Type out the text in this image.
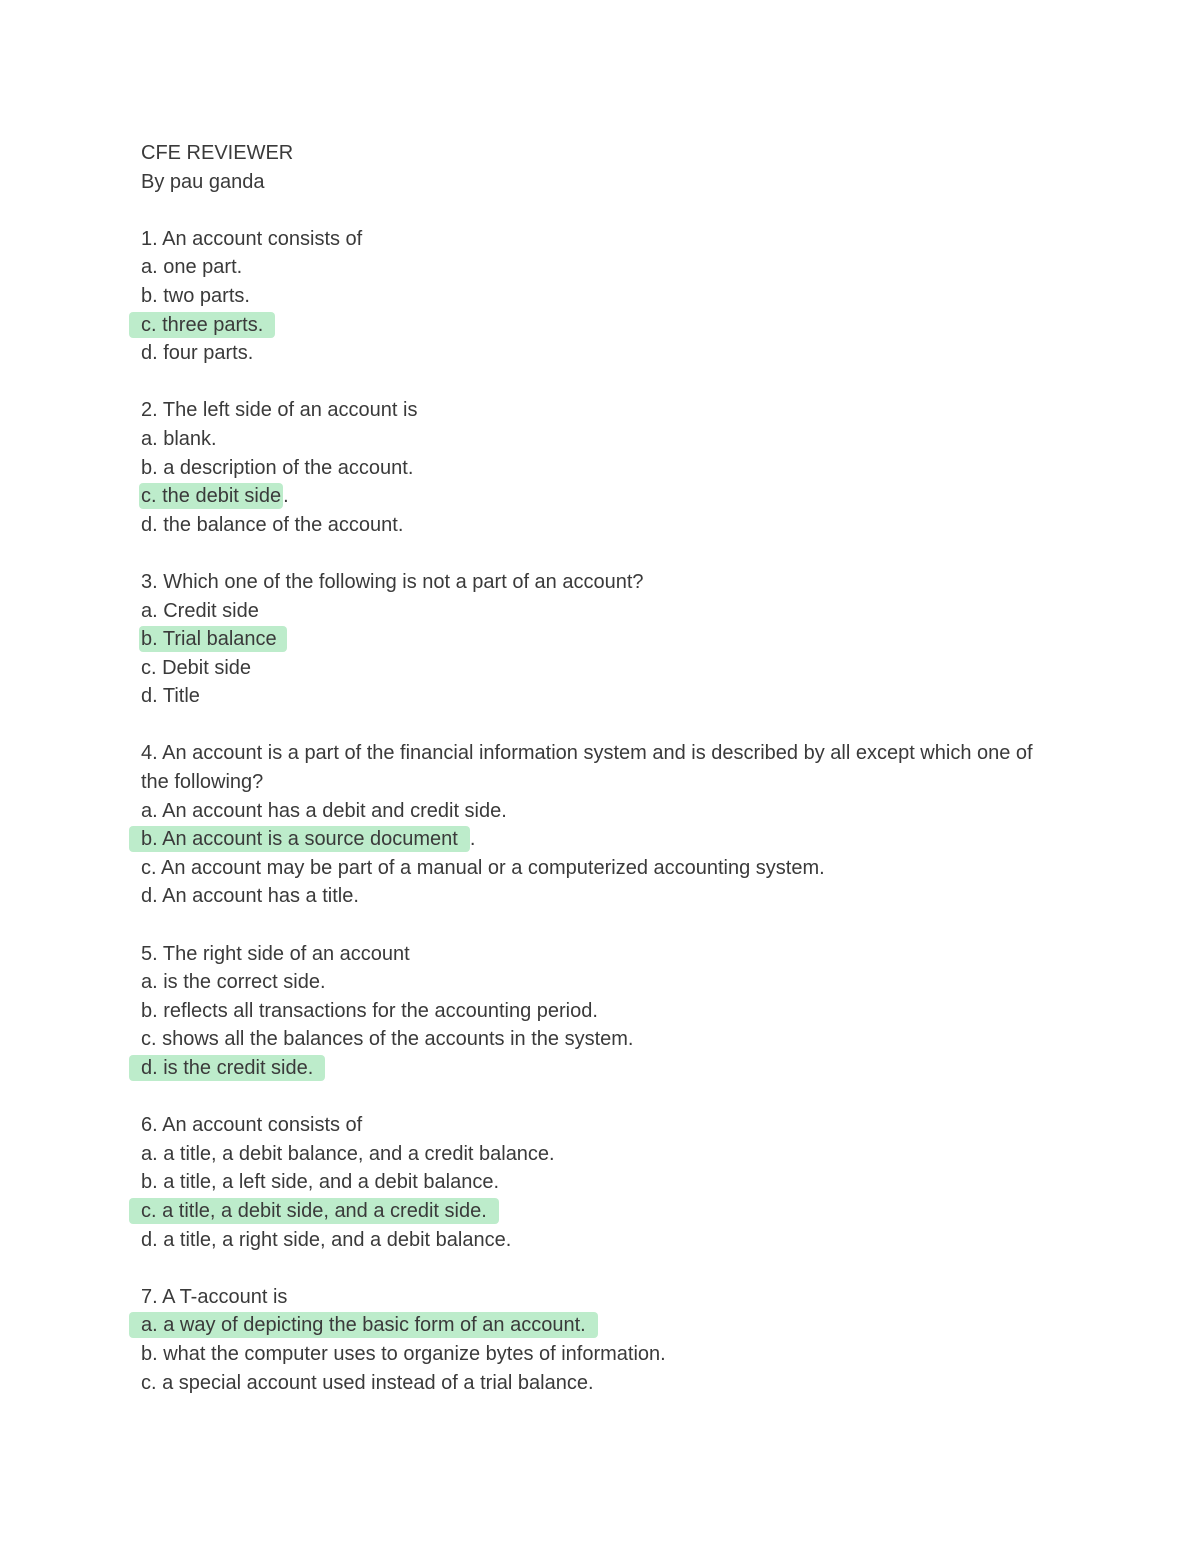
CFE REVIEWER
By pau ganda
1. An account consists of
a. one part.
b. two parts.
c. three parts.
d. four parts.
2. The left side of an account is
a. blank.
b. a description of the account.
c. the debit side .
d. the balance of the account.
3. Which one of the following is not a part of an account?
a. Credit side
b. Trial balance
c. Debit side
d. Title
4. An account is a part of the financial information system and is described by all except which one of the following?
a. An account has a debit and credit side.
b. An account is a source document .
c. An account may be part of a manual or a computerized accounting system.
d. An account has a title.
5. The right side of an account
a. is the correct side.
b. reflects all transactions for the accounting period.
c. shows all the balances of the accounts in the system.
d. is the credit side.
6. An account consists of
a. a title, a debit balance, and a credit balance.
b. a title, a left side, and a debit balance.
c. a title, a debit side, and a credit side.
d. a title, a right side, and a debit balance.
7. A T-account is
a. a way of depicting the basic form of an account.
b. what the computer uses to organize bytes of information.
c. a special account used instead of a trial balance.
